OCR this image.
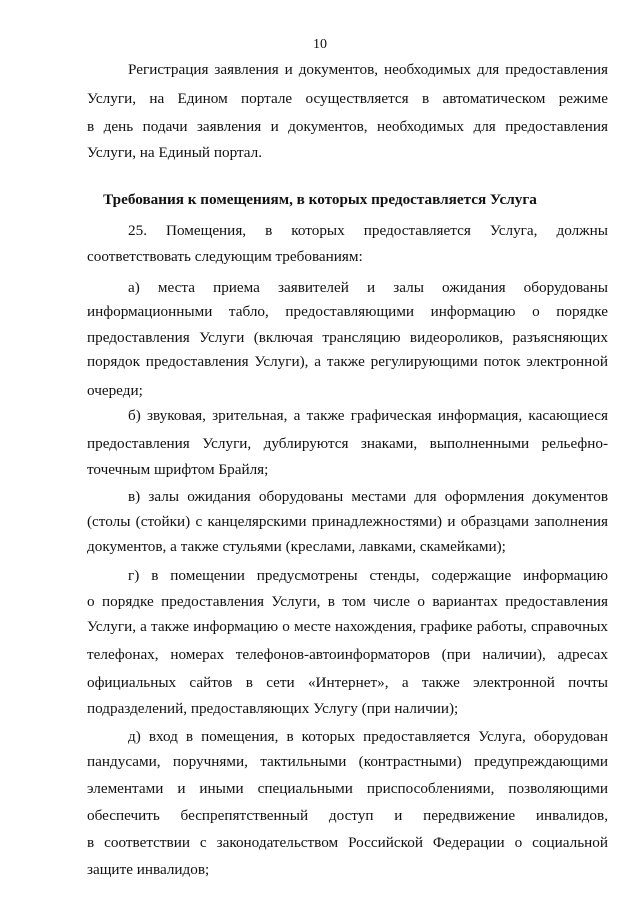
10
Регистрация заявления и документов, необходимых для предоставления
Услуги, на Едином портале осуществляется в автоматическом режиме
в день подачи заявления и документов, необходимых для предоставления
Услуги, на Единый портал.
Требования к помещениям, в которых предоставляется Услуга
25. Помещения, в которых предоставляется Услуга, должны
соответствовать следующим требованиям:
а) места приема заявителей и залы ожидания оборудованы
информационными табло, предоставляющими информацию о порядке
предоставления Услуги (включая трансляцию видеороликов, разъясняющих
порядок предоставления Услуги), а также регулирующими поток электронной
очереди;
б) звуковая, зрительная, а также графическая информация, касающиеся
предоставления Услуги, дублируются знаками, выполненными рельефно-
точечным шрифтом Брайля;
в) залы ожидания оборудованы местами для оформления документов
(столы (стойки) с канцелярскими принадлежностями) и образцами заполнения
документов, а также стульями (креслами, лавками, скамейками);
г) в помещении предусмотрены стенды, содержащие информацию
о порядке предоставления Услуги, в том числе о вариантах предоставления
Услуги, а также информацию о месте нахождения, графике работы, справочных
телефонах, номерах телефонов-автоинформаторов (при наличии), адресах
официальных сайтов в сети «Интернет», а также электронной почты
подразделений, предоставляющих Услугу (при наличии);
д) вход в помещения, в которых предоставляется Услуга, оборудован
пандусами, поручнями, тактильными (контрастными) предупреждающими
элементами и иными специальными приспособлениями, позволяющими
обеспечить беспрепятственный доступ и передвижение инвалидов,
в соответствии с законодательством Российской Федерации о социальной
защите инвалидов;
